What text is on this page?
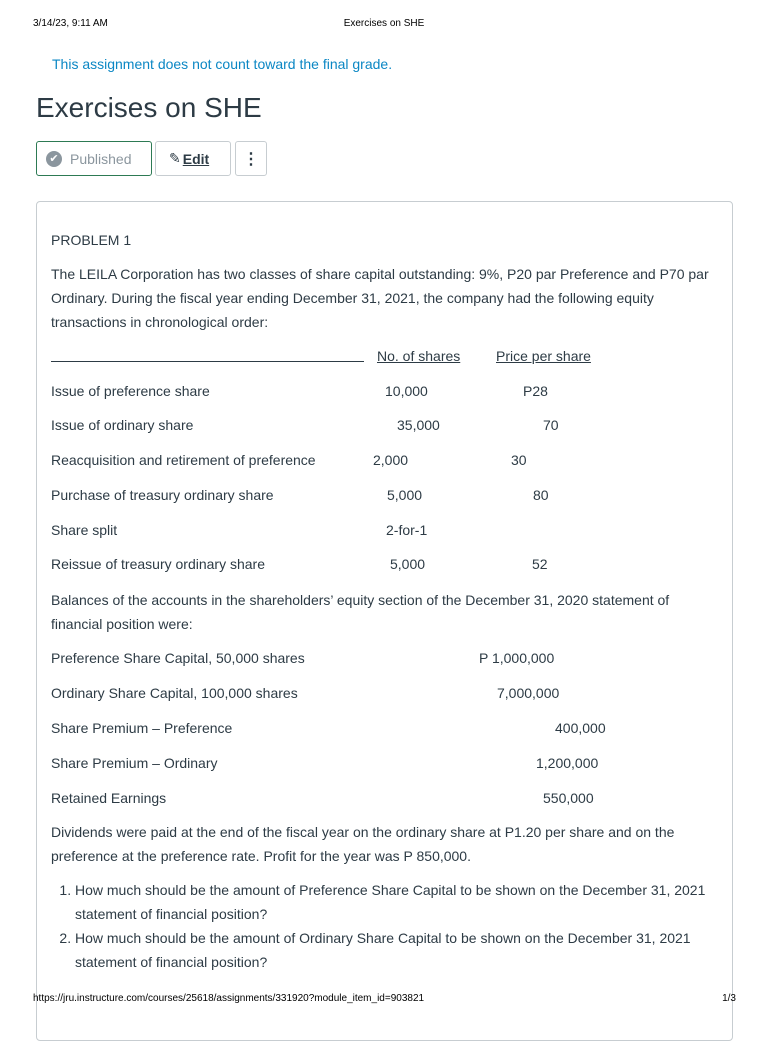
3/14/23, 9:11 AM	Exercises on SHE
This assignment does not count toward the final grade.
Exercises on SHE
✔ Published	✎ Edit ⋮
PROBLEM 1
The LEILA Corporation has two classes of share capital outstanding: 9%, P20 par Preference and P70 par Ordinary. During the fiscal year ending December 31, 2021, the company had the following equity transactions in chronological order:
No. of shares	Price per share
Issue of preference share	10,000	P28
Issue of ordinary share	35,000	70
Reacquisition and retirement of preference	2,000	30
Purchase of treasury ordinary share	5,000	80
Share split	2-for-1
Reissue of treasury ordinary share	5,000	52
Balances of the accounts in the shareholders’ equity section of the December 31, 2020 statement of financial position were:
Preference Share Capital, 50,000 shares	P 1,000,000
Ordinary Share Capital, 100,000 shares	7,000,000
Share Premium – Preference	400,000
Share Premium – Ordinary	1,200,000
Retained Earnings	550,000
Dividends were paid at the end of the fiscal year on the ordinary share at P1.20 per share and on the preference at the preference rate. Profit for the year was P 850,000.
1. How much should be the amount of Preference Share Capital to be shown on the December 31, 2021 statement of financial position?
2. How much should be the amount of Ordinary Share Capital to be shown on the December 31, 2021 statement of financial position?
https://jru.instructure.com/courses/25618/assignments/331920?module_item_id=903821	1/3
